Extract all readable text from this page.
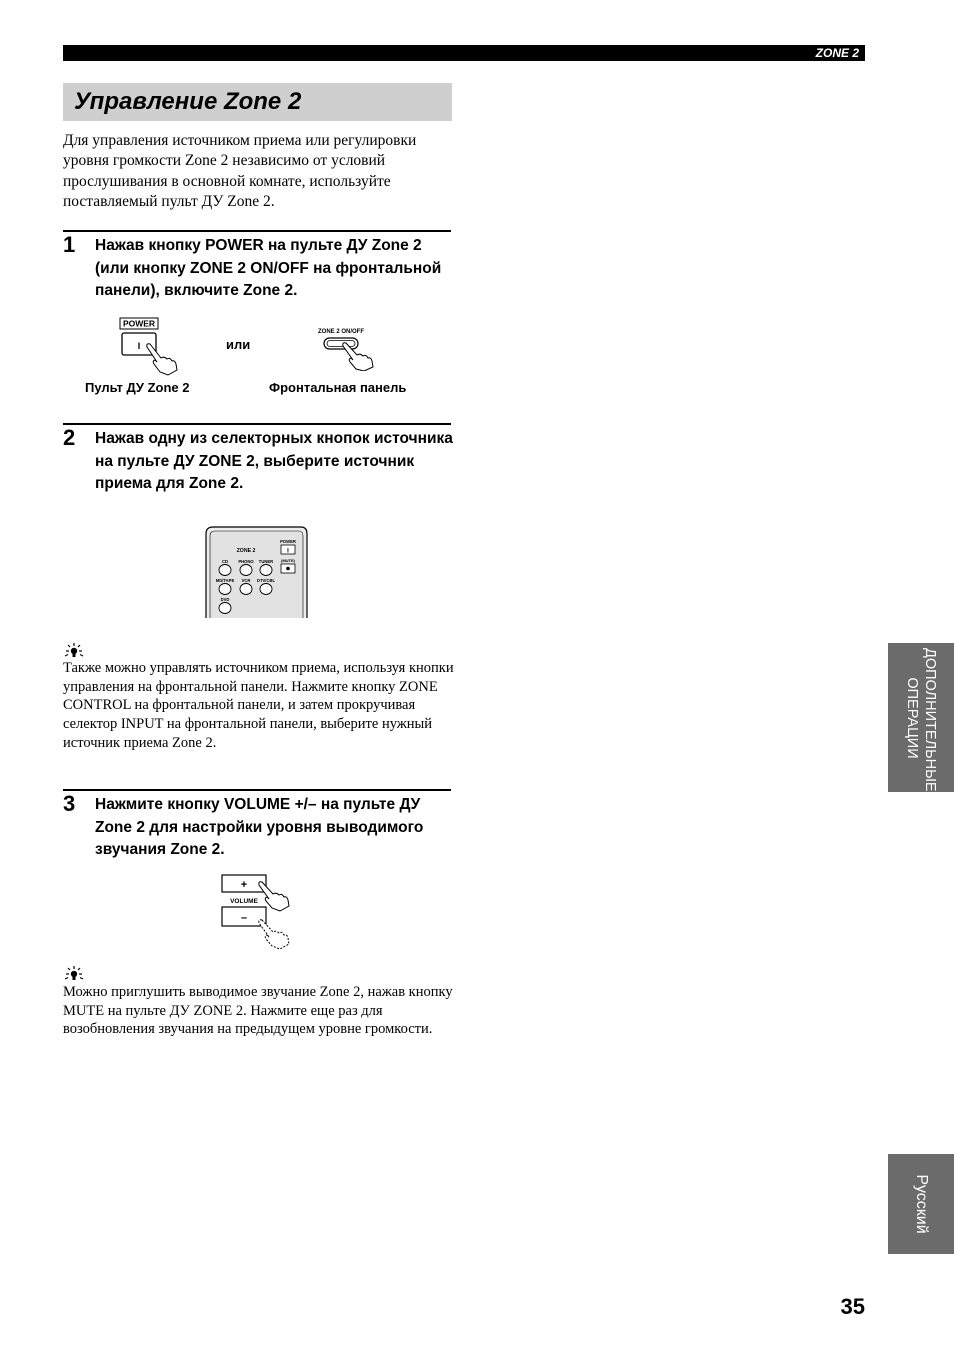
ZONE 2
Управление Zone 2
Для управления источником приема или регулировки уровня громкости Zone 2 независимо от условий прослушивания в основной комнате, используйте поставляемый пульт ДУ Zone 2.
1 Нажав кнопку POWER на пульте ДУ Zone 2 (или кнопку ZONE 2 ON/OFF на фронтальной панели), включите Zone 2.
POWER
I	или
ZONE 2 ON/OFF
Пульт ДУ Zone 2	Фронтальная панель
2 Нажав одну из селекторных кнопок источника на пульте ДУ ZONE 2, выберите источник приема для Zone 2.
ZONE 2
POWER
I
(MUTE)
CD PHONO TUNER
MD/TAPE VCR DTV/CBL
DVD
Также можно управлять источником приема, используя кнопки управления на фронтальной панели. Нажмите кнопку ZONE CONTROL на фронтальной панели, и затем прокручивая селектор INPUT на фронтальной панели, выберите нужный источник приема Zone 2.
3 Нажмите кнопку VOLUME +/– на пульте ДУ Zone 2 для настройки уровня выводимого звучания Zone 2.
+
VOLUME
–
Можно приглушить выводимое звучание Zone 2, нажав кнопку MUTE на пульте ДУ ZONE 2. Нажмите еще раз для возобновления звучания на предыдущем уровне громкости.
ДОПОЛНИТЕЛЬНЫЕ ОПЕРАЦИИ
Русский
35
